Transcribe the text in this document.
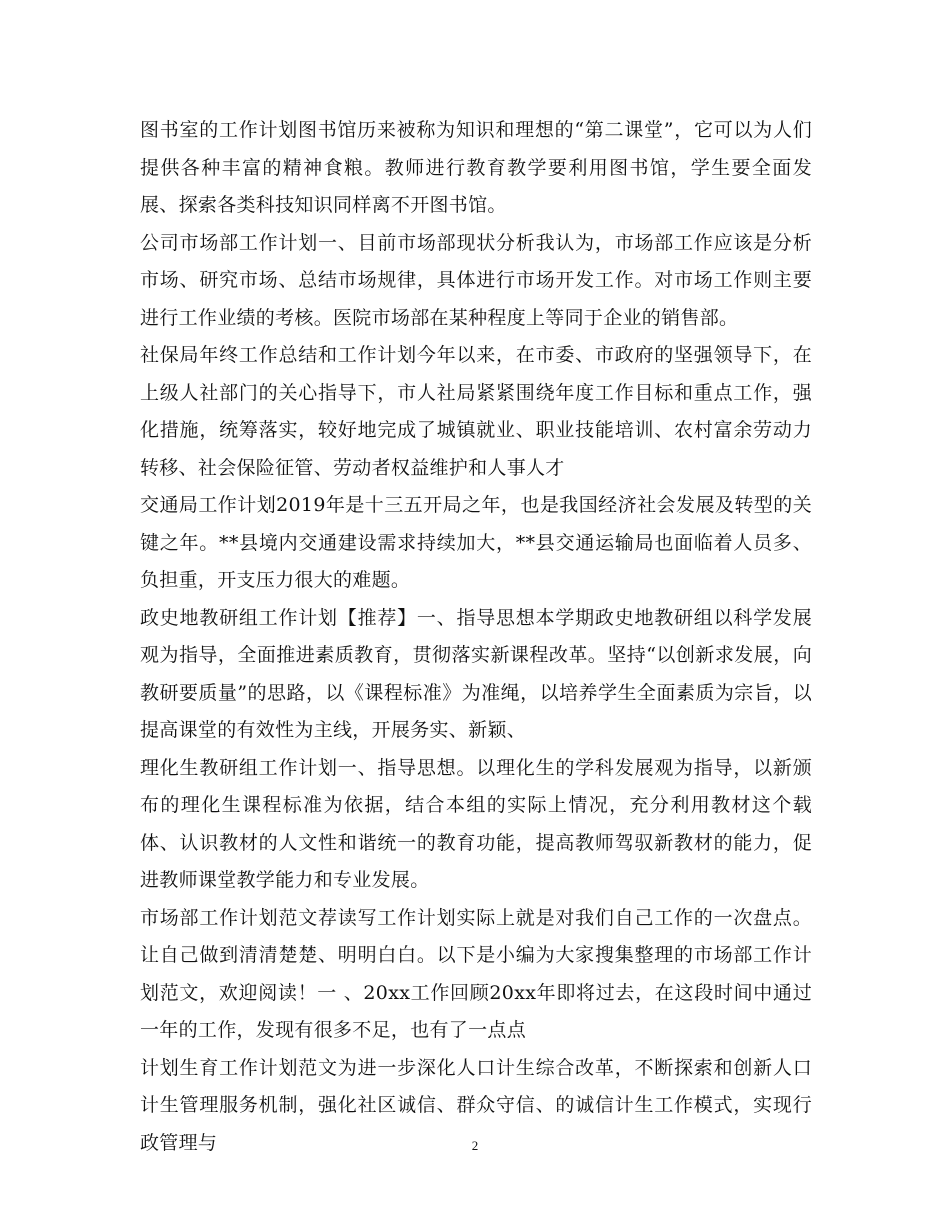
图书室的工作计划图书馆历来被称为知识和理想的“第二课堂”，它可以为人们提供各种丰富的精神食粮。教师进行教育教学要利用图书馆，学生要全面发展、探索各类科技知识同样离不开图书馆。

公司市场部工作计划一、目前市场部现状分析我认为，市场部工作应该是分析市场、研究市场、总结市场规律，具体进行市场开发工作。对市场工作则主要进行工作业绩的考核。医院市场部在某种程度上等同于企业的销售部。

社保局年终工作总结和工作计划今年以来，在市委、市政府的坚强领导下，在上级人社部门的关心指导下，市人社局紧紧围绕年度工作目标和重点工作，强化措施，统筹落实，较好地完成了城镇就业、职业技能培训、农村富余劳动力转移、社会保险征管、劳动者权益维护和人事人才

交通局工作计划2019年是十三五开局之年，也是我国经济社会发展及转型的关键之年。**县境内交通建设需求持续加大，**县交通运输局也面临着人员多、负担重，开支压力很大的难题。

政史地教研组工作计划【推荐】一、指导思想本学期政史地教研组以科学发展观为指导，全面推进素质教育，贯彻落实新课程改革。坚持“以创新求发展，向教研要质量”的思路，以《课程标准》为准绳，以培养学生全面素质为宗旨，以提高课堂的有效性为主线，开展务实、新颖、

理化生教研组工作计划一、指导思想。以理化生的学科发展观为指导，以新颁布的理化生课程标准为依据，结合本组的实际上情况，充分利用教材这个载体、认识教材的人文性和谐统一的教育功能，提高教师驾驭新教材的能力，促进教师课堂教学能力和专业发展。

市场部工作计划范文荐读写工作计划实际上就是对我们自己工作的一次盘点。让自己做到清清楚楚、明明白白。以下是小编为大家搜集整理的市场部工作计划范文，欢迎阅读！一 、20xx工作回顾20xx年即将过去，在这段时间中通过一年的工作，发现有很多不足，也有了一点点

计划生育工作计划范文为进一步深化人口计生综合改革，不断探索和创新人口计生管理服务机制，强化社区诚信、群众守信、的诚信计生工作模式，实现行政管理与	2
